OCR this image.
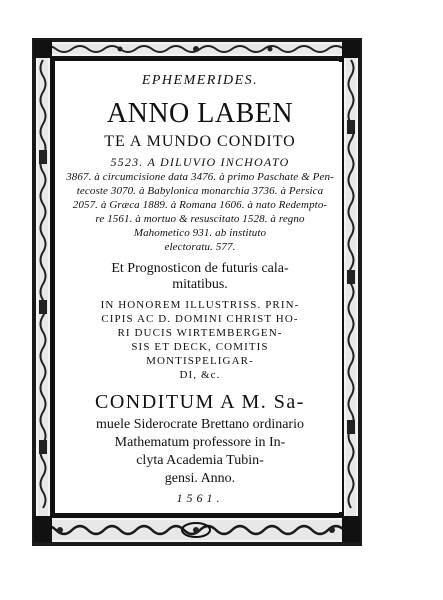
EPHEMERIDES.
ANNO LABEN
TE A MUNDO CONDITO
5523. A DILUVIO INCHOATO
3867. à circumcisione data 3476. à primo Paschate & Pen-
tecoste 3070. à Babylonica monarchia 3736. à Persica
2057. à Græca 1889. à Romana 1606. à nato Redempto-
re 1561. à mortuo & resuscitato 1528. à regno
Mahometico 931. ab instituto
electoratu. 577.
Et Prognosticon de futuris cala-
mitatibus.
IN HONOREM ILLUSTRISS. PRIN-
CIPIS AC D. DOMINI CHRIST HO-
RI DUCIS WIRTEMBERGEN-
SIS ET DECK, COMITIS
MONTISPELIGAR-
DI, &c.
CONDITUM A M. Sa-
muele Siderocrate Brettano ordinario
Mathematum professore in In-
clyta Academia Tubin-
gensi. Anno.
1561.
